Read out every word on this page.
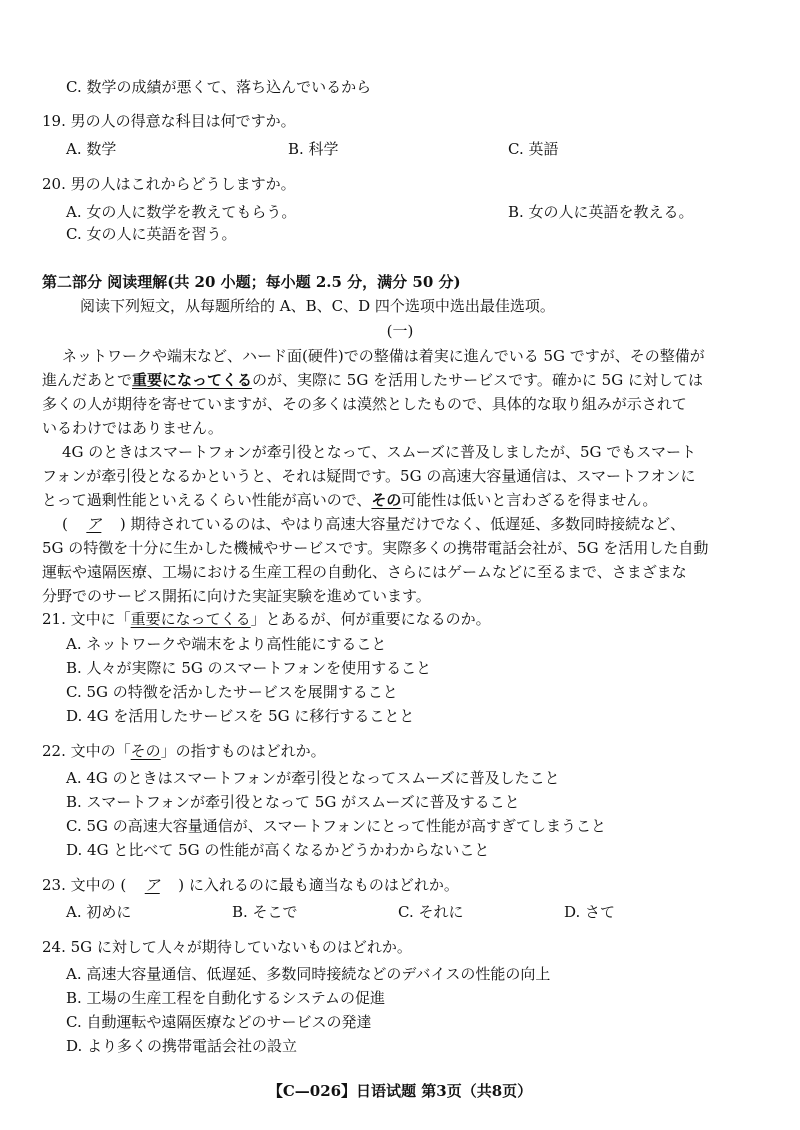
C. 数学の成績が悪くて、落ち込んでいるから
19. 男の人の得意な科目は何ですか。
A. 数学	B. 科学	C. 英語
20. 男の人はこれからどうしますか。
A. 女の人に数学を教えてもらう。	B. 女の人に英語を教える。
C. 女の人に英語を習う。
第二部分 阅读理解(共 20 小题；每小题 2.5 分，满分 50 分)
阅读下列短文，从每题所给的 A、B、C、D 四个选项中选出最佳选项。
(一)
ネットワークや端末など、ハード面(硬件)での整備は着実に進んでいる 5G ですが、その整備が
進んだあとで重要になってくるのが、実際に 5G を活用したサービスです。確かに 5G に対しては
多くの人が期待を寄せていますが、その多くは漠然としたもので、具体的な取り組みが示されて
いるわけではありません。
4G のときはスマートフォンが牽引役となって、スムーズに普及しましたが、5G でもスマート
フォンが牽引役となるかというと、それは疑問です。5G の高速大容量通信は、スマートフオンに
とって過剰性能といえるくらい性能が高いので、その可能性は低いと言わざるを得ません。
( ア ) 期待されているのは、やはり高速大容量だけでなく、低遅延、多数同時接続など、
5G の特徴を十分に生かした機械やサービスです。実際多くの携帯電話会社が、5G を活用した自動
運転や遠隔医療、工場における生産工程の自動化、さらにはゲームなどに至るまで、さまざまな
分野でのサービス開拓に向けた実証実験を進めています。
21. 文中に「重要になってくる」とあるが、何が重要になるのか。
A. ネットワークや端末をより高性能にすること
B. 人々が実際に 5G のスマートフォンを使用すること
C. 5G の特徴を活かしたサービスを展開すること
D. 4G を活用したサービスを 5G に移行することと
22. 文中の「その」の指すものはどれか。
A. 4G のときはスマートフォンが牽引役となってスムーズに普及したこと
B. スマートフォンが牽引役となって 5G がスムーズに普及すること
C. 5G の高速大容量通信が、スマートフォンにとって性能が高すぎてしまうこと
D. 4G と比べて 5G の性能が高くなるかどうかわからないこと
23. 文中の ( ア ) に入れるのに最も適当なものはどれか。
A. 初めに	B. そこで	C. それに	D. さて
24. 5G に対して人々が期待していないものはどれか。
A. 高速大容量通信、低遅延、多数同時接続などのデバイスの性能の向上
B. 工場の生産工程を自動化するシステムの促進
C. 自動運転や遠隔医療などのサービスの発達
D. より多くの携帯電話会社の設立
【C—026】日语试题 第3页（共8页）
